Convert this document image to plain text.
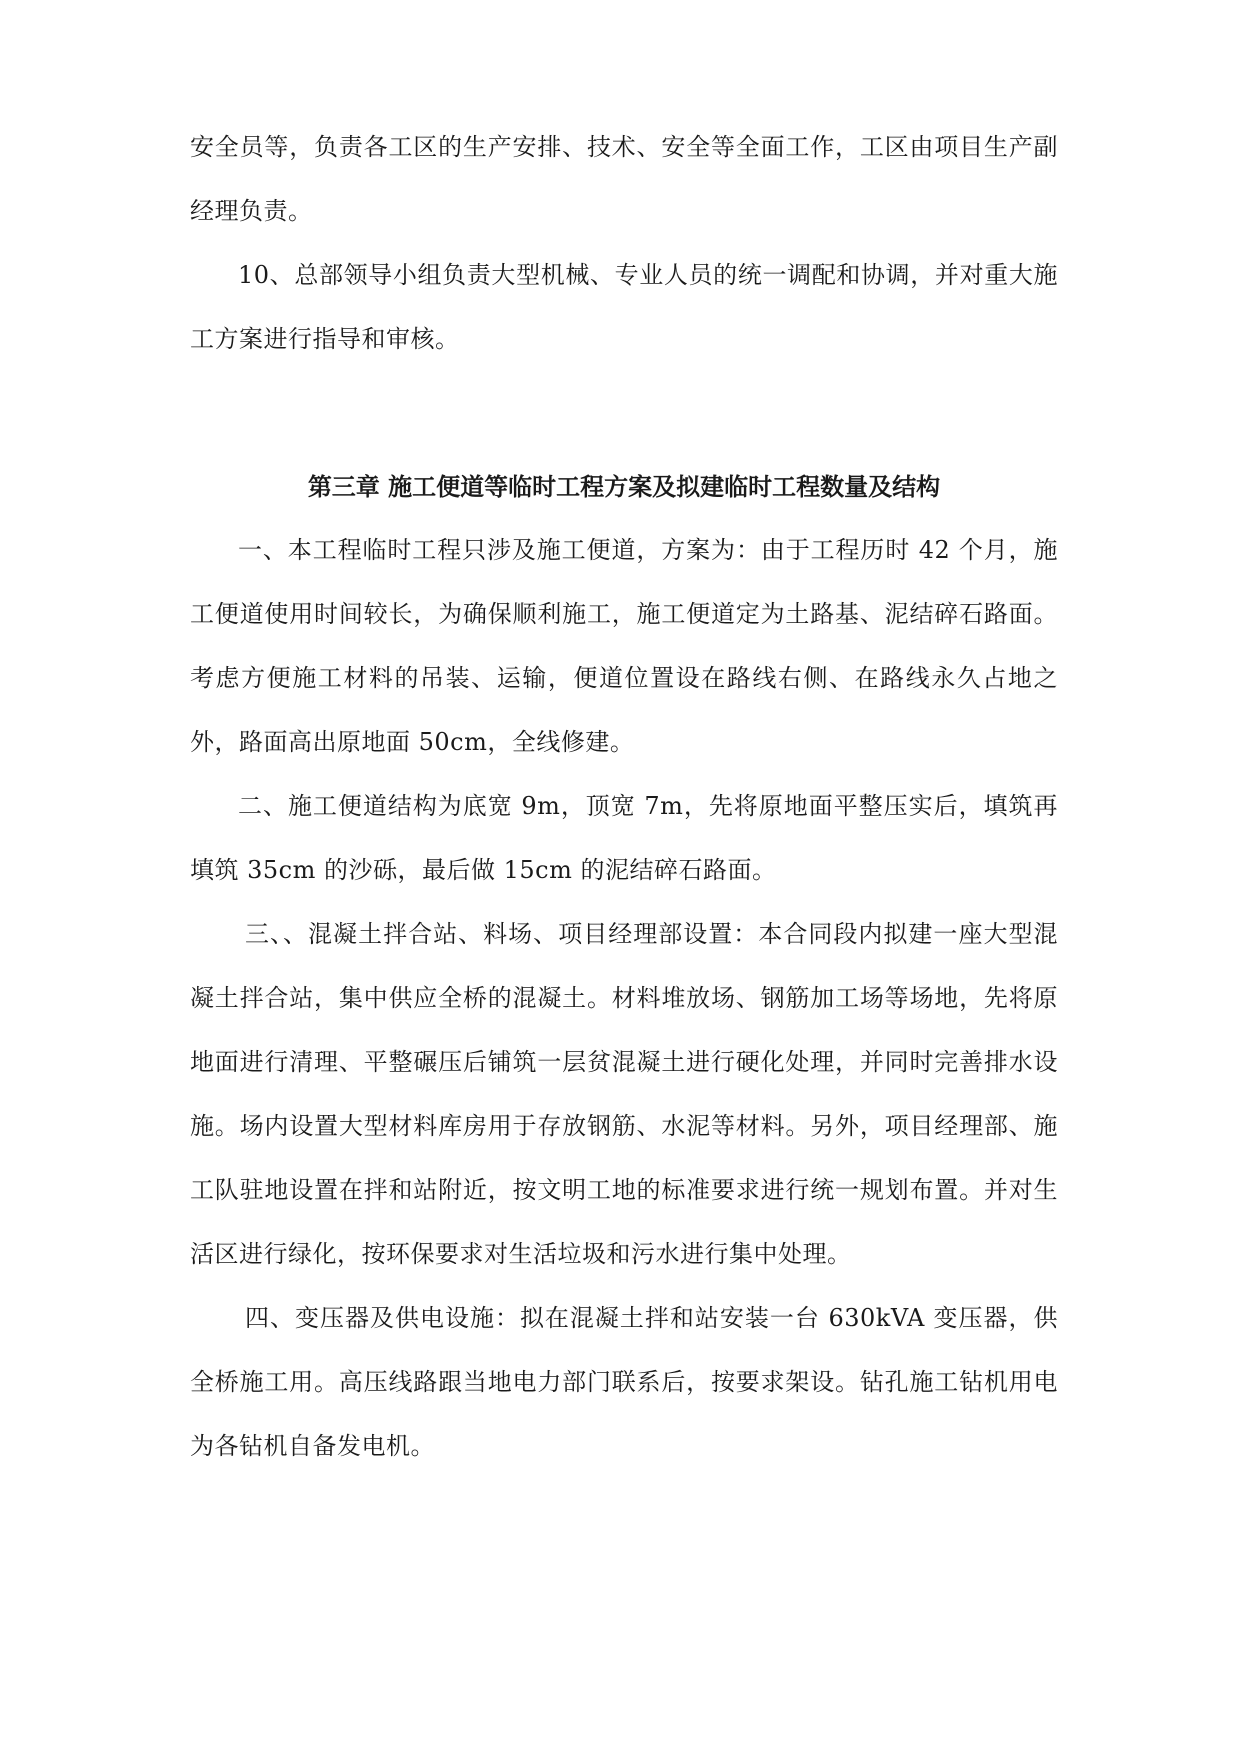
安全员等，负责各工区的生产安排、技术、安全等全面工作，工区由项目生产副经理负责。

10、总部领导小组负责大型机械、专业人员的统一调配和协调，并对重大施工方案进行指导和审核。

第三章 施工便道等临时工程方案及拟建临时工程数量及结构

一、本工程临时工程只涉及施工便道，方案为：由于工程历时 42 个月，施工便道使用时间较长，为确保顺利施工，施工便道定为土路基、泥结碎石路面。考虑方便施工材料的吊装、运输，便道位置设在路线右侧、在路线永久占地之外，路面高出原地面 50cm，全线修建。

二、施工便道结构为底宽 9m，顶宽 7m，先将原地面平整压实后，填筑再填筑 35cm 的沙砾，最后做 15cm 的泥结碎石路面。

三、、混凝土拌合站、料场、项目经理部设置：本合同段内拟建一座大型混凝土拌合站，集中供应全桥的混凝土。材料堆放场、钢筋加工场等场地，先将原地面进行清理、平整碾压后铺筑一层贫混凝土进行硬化处理，并同时完善排水设施。场内设置大型材料库房用于存放钢筋、水泥等材料。另外，项目经理部、施工队驻地设置在拌和站附近，按文明工地的标准要求进行统一规划布置。并对生活区进行绿化，按环保要求对生活垃圾和污水进行集中处理。

四、变压器及供电设施：拟在混凝土拌和站安装一台 630kVA 变压器，供全桥施工用。高压线路跟当地电力部门联系后，按要求架设。钻孔施工钻机用电为各钻机自备发电机。
